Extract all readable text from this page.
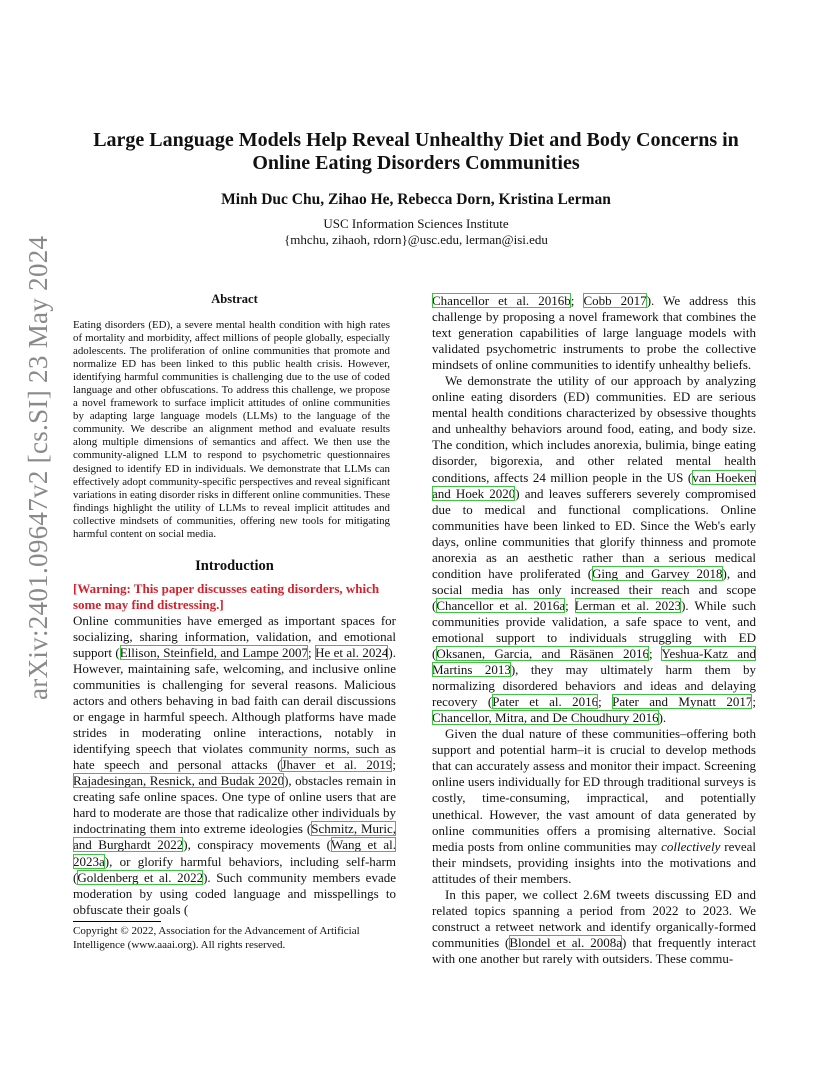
arXiv:2401.09647v2 [cs.SI] 23 May 2024
Large Language Models Help Reveal Unhealthy Diet and Body Concerns in
Online Eating Disorders Communities
Minh Duc Chu, Zihao He, Rebecca Dorn, Kristina Lerman
USC Information Sciences Institute
{mhchu, zihaoh, rdorn}@usc.edu, lerman@isi.edu
Abstract

Eating disorders (ED), a severe mental health condition with high rates of mortality and morbidity, affect millions of people globally, especially adolescents. The proliferation of online communities that promote and normalize ED has been linked to this public health crisis. However, identifying harmful communities is challenging due to the use of coded language and other obfuscations. To address this challenge, we propose a novel framework to surface implicit attitudes of online communities by adapting large language models (LLMs) to the language of the community. We describe an alignment method and evaluate results along multiple dimensions of semantics and affect. We then use the community-aligned LLM to respond to psychometric questionnaires designed to identify ED in individuals. We demonstrate that LLMs can effectively adopt community-specific perspectives and reveal significant variations in eating disorder risks in different online communities. These findings highlight the utility of LLMs to reveal implicit attitudes and collective mindsets of communities, offering new tools for mitigating harmful content on social media.

Introduction

[Warning: This paper discusses eating disorders, which some may find distressing.]

Online communities have emerged as important spaces for socializing, sharing information, validation, and emotional support (Ellison, Steinfield, and Lampe 2007; He et al. 2024). However, maintaining safe, welcoming, and inclusive online communities is challenging for several reasons. Malicious actors and others behaving in bad faith can derail discussions or engage in harmful speech. Although platforms have made strides in moderating online interactions, notably in identifying speech that violates community norms, such as hate speech and personal attacks (Jhaver et al. 2019; Rajadesingan, Resnick, and Budak 2020), obstacles remain in creating safe online spaces. One type of online users that are hard to moderate are those that radicalize other individuals by indoctrinating them into extreme ideologies (Schmitz, Muric, and Burghardt 2022), conspiracy movements (Wang et al. 2023a), or glorify harmful behaviors, including self-harm (Goldenberg et al. 2022). Such community members evade moderation by using coded language and misspellings to obfuscate their goals (

Copyright © 2022, Association for the Advancement of Artificial Intelligence (www.aaai.org). All rights reserved.

Chancellor et al. 2016b; Cobb 2017). We address this challenge by proposing a novel framework that combines the text generation capabilities of large language models with validated psychometric instruments to probe the collective mindsets of online communities to identify unhealthy beliefs.

We demonstrate the utility of our approach by analyzing online eating disorders (ED) communities. ED are serious mental health conditions characterized by obsessive thoughts and unhealthy behaviors around food, eating, and body size. The condition, which includes anorexia, bulimia, binge eating disorder, bigorexia, and other related mental health conditions, affects 24 million people in the US (van Hoeken and Hoek 2020) and leaves sufferers severely compromised due to medical and functional complications. Online communities have been linked to ED. Since the Web's early days, online communities that glorify thinness and promote anorexia as an aesthetic rather than a serious medical condition have proliferated (Ging and Garvey 2018), and social media has only increased their reach and scope (Chancellor et al. 2016a; Lerman et al. 2023). While such communities provide validation, a safe space to vent, and emotional support to individuals struggling with ED (Oksanen, Garcia, and Räsänen 2016; Yeshua-Katz and Martins 2013), they may ultimately harm them by normalizing disordered behaviors and ideas and delaying recovery (Pater et al. 2016; Pater and Mynatt 2017; Chancellor, Mitra, and De Choudhury 2016).

Given the dual nature of these communities–offering both support and potential harm–it is crucial to develop methods that can accurately assess and monitor their impact. Screening online users individually for ED through traditional surveys is costly, time-consuming, impractical, and potentially unethical. However, the vast amount of data generated by online communities offers a promising alternative. Social media posts from online communities may collectively reveal their mindsets, providing insights into the motivations and attitudes of their members.

In this paper, we collect 2.6M tweets discussing ED and related topics spanning a period from 2022 to 2023. We construct a retweet network and identify organically-formed communities (Blondel et al. 2008a) that frequently interact with one another but rarely with outsiders. These commu-
